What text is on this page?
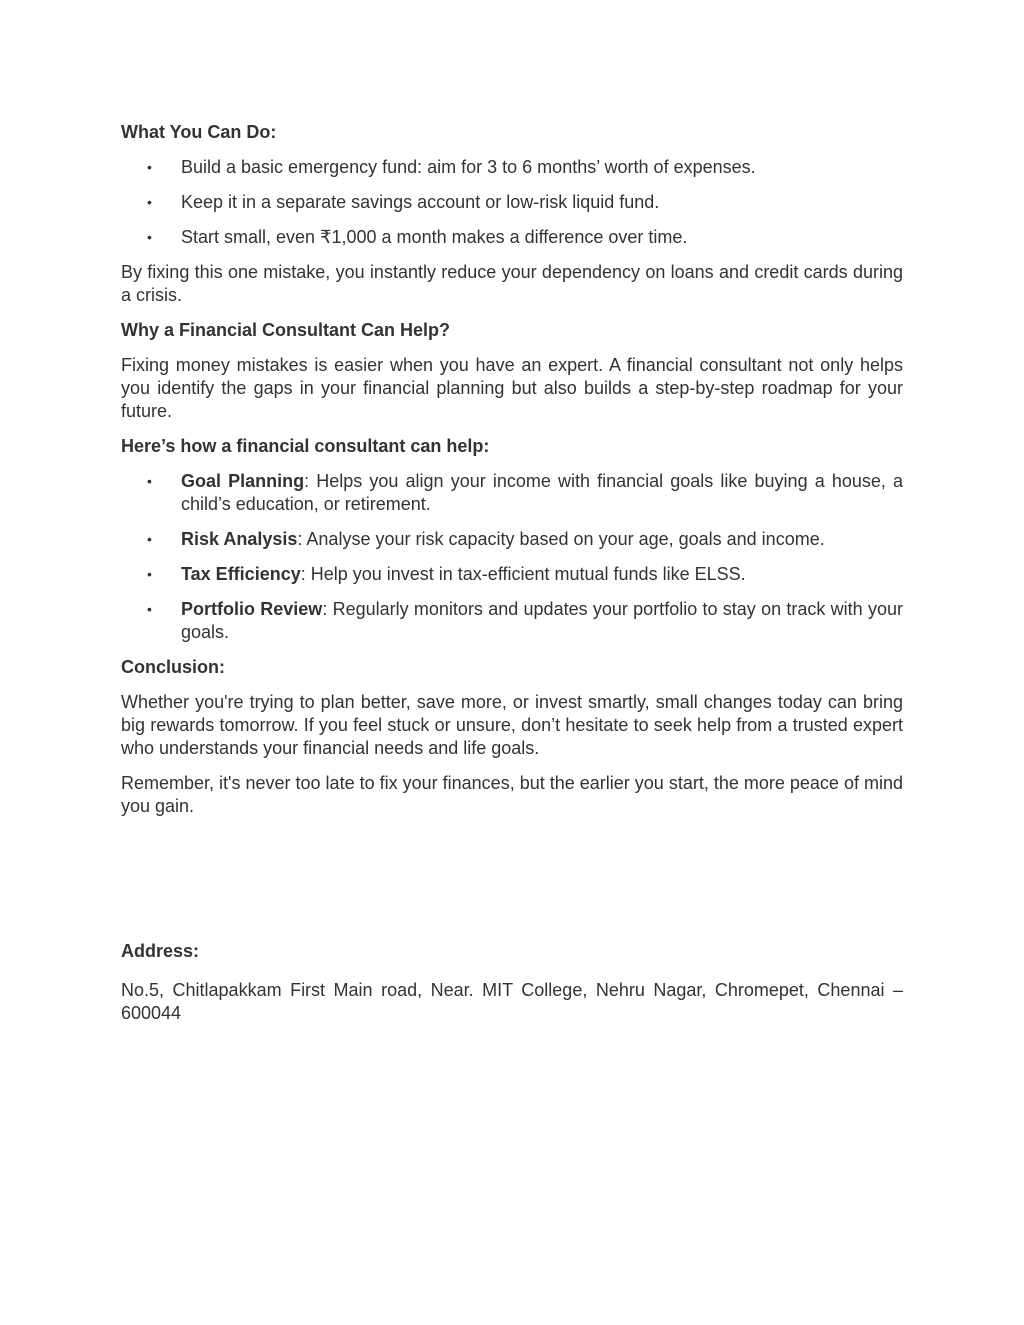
What You Can Do:
• Build a basic emergency fund: aim for 3 to 6 months’ worth of expenses.
• Keep it in a separate savings account or low-risk liquid fund.
• Start small, even ₹1,000 a month makes a difference over time.

By fixing this one mistake, you instantly reduce your dependency on loans and credit cards during a crisis.

Why a Financial Consultant Can Help?

Fixing money mistakes is easier when you have an expert. A financial consultant not only helps you identify the gaps in your financial planning but also builds a step-by-step roadmap for your future.

Here’s how a financial consultant can help:
• Goal Planning: Helps you align your income with financial goals like buying a house, a child’s education, or retirement.
• Risk Analysis: Analyse your risk capacity based on your age, goals and income.
• Tax Efficiency: Help you invest in tax-efficient mutual funds like ELSS.
• Portfolio Review: Regularly monitors and updates your portfolio to stay on track with your goals.
Conclusion:

Whether you're trying to plan better, save more, or invest smartly, small changes today can bring big rewards tomorrow. If you feel stuck or unsure, don’t hesitate to seek help from a trusted expert who understands your financial needs and life goals.

Remember, it's never too late to fix your finances, but the earlier you start, the more peace of mind you gain.

Address:

No.5, Chitlapakkam First Main road, Near. MIT College, Nehru Nagar, Chromepet, Chennai – 600044
